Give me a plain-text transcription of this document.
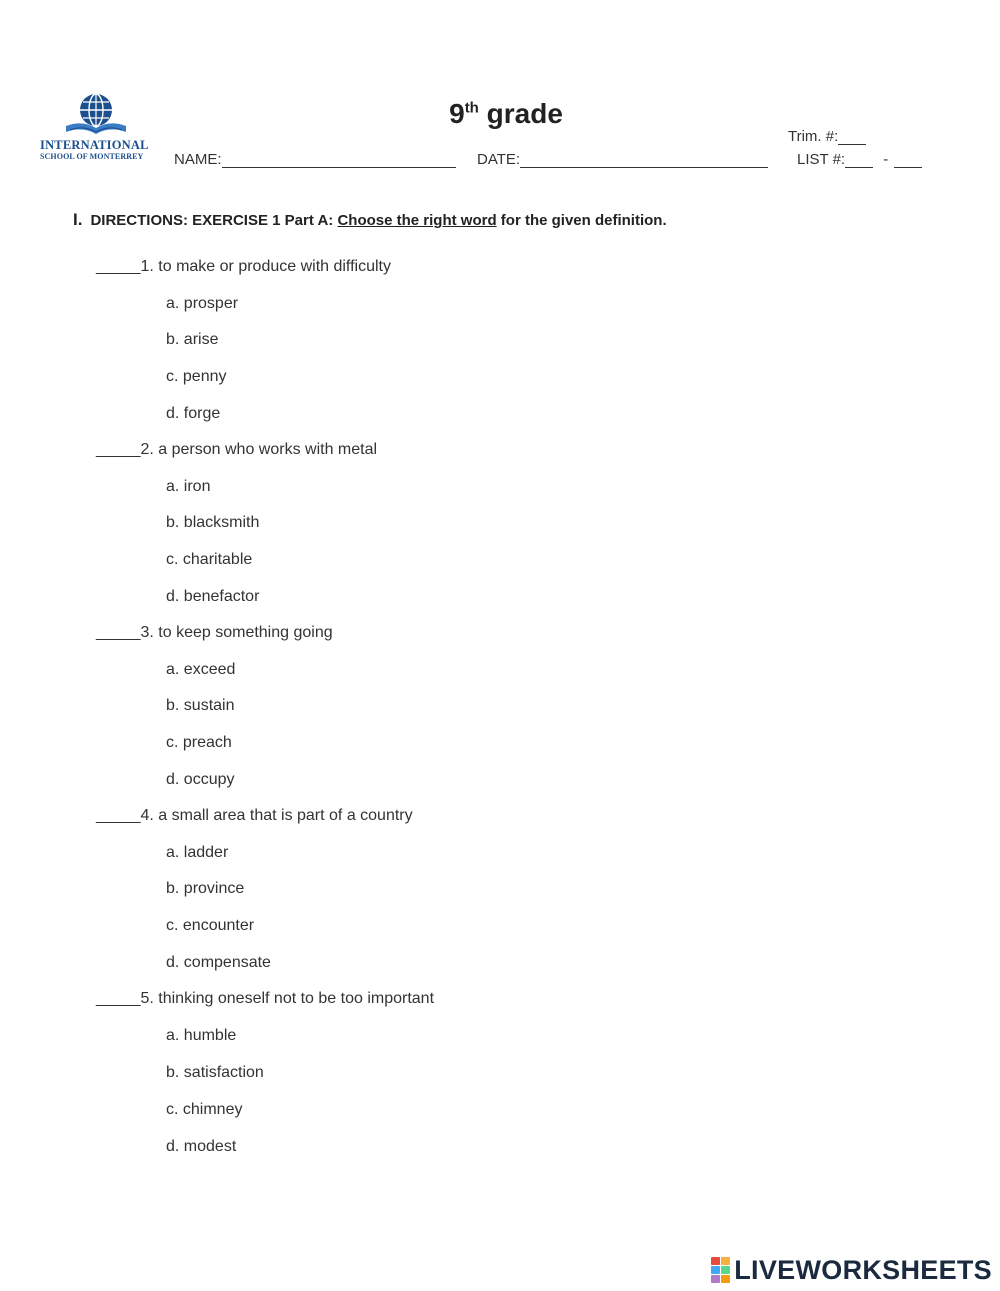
INTERNATIONAL
SCHOOL OF MONTERREY
9th grade
NAME:	DATE:
Trim. #:
LIST #:	-
I. DIRECTIONS: EXERCISE 1 Part A: Choose the right word for the given definition.
_____1. to make or produce with difficulty
a. prosper
b. arise
c. penny
d. forge
_____2. a person who works with metal
a. iron
b. blacksmith
c. charitable
d. benefactor
_____3. to keep something going
a. exceed
b. sustain
c. preach
d. occupy
_____4. a small area that is part of a country
a. ladder
b. province
c. encounter
d. compensate
_____5. thinking oneself not to be too important
a. humble
b. satisfaction
c. chimney
d. modest
LIVEWORKSHEETS
